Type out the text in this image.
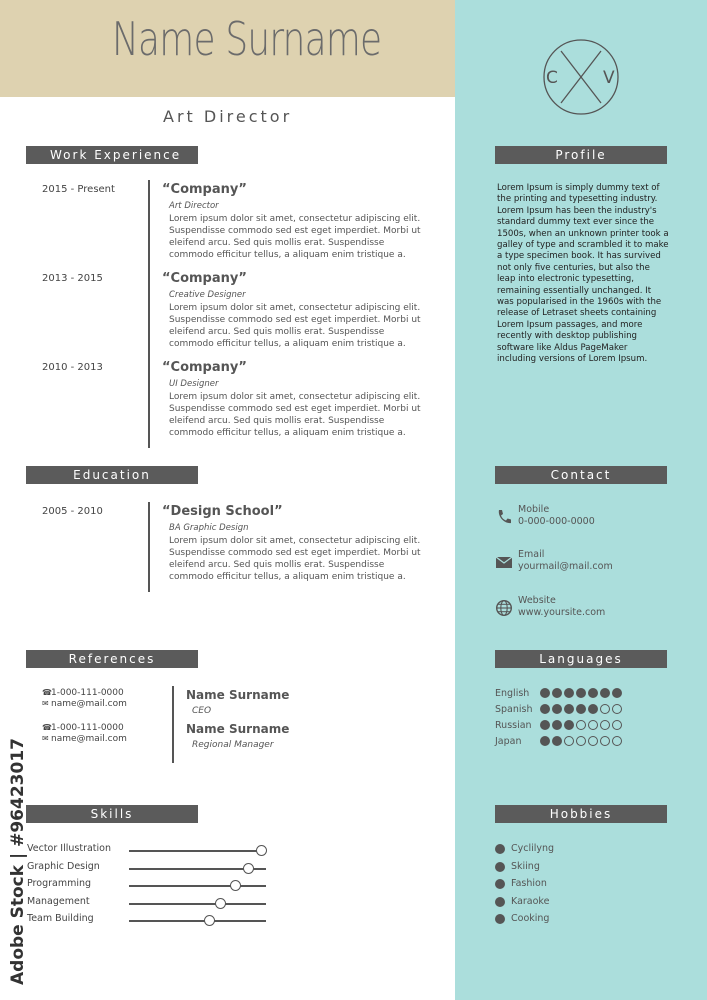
Name Surname
Art Director
C	V
Work Experience	Profile
Education	Contact
References	Languages
Skills	Hobbies
2015 - Present	“Company”
Art Director
Lorem ipsum dolor sit amet, consectetur adipiscing elit. Suspendisse commodo sed est eget imperdiet. Morbi ut eleifend arcu. Sed quis mollis erat. Suspendisse commodo efficitur tellus, a aliquam enim tristique a.
2013 - 2015	“Company”
Creative Designer
Lorem ipsum dolor sit amet, consectetur adipiscing elit. Suspendisse commodo sed est eget imperdiet. Morbi ut eleifend arcu. Sed quis mollis erat. Suspendisse commodo efficitur tellus, a aliquam enim tristique a.
2010 - 2013	“Company”
UI Designer
Lorem ipsum dolor sit amet, consectetur adipiscing elit. Suspendisse commodo sed est eget imperdiet. Morbi ut eleifend arcu. Sed quis mollis erat. Suspendisse commodo efficitur tellus, a aliquam enim tristique a.
2005 - 2010	“Design School”
BA Graphic Design
Lorem ipsum dolor sit amet, consectetur adipiscing elit. Suspendisse commodo sed est eget imperdiet. Morbi ut eleifend arcu. Sed quis mollis erat. Suspendisse commodo efficitur tellus, a aliquam enim tristique a.
Lorem Ipsum is simply dummy text of the printing and typesetting industry. Lorem Ipsum has been the industry's standard dummy text ever since the 1500s, when an unknown printer took a galley of type and scrambled it to make a type specimen book. It has survived not only five centuries, but also the leap into electronic typesetting, remaining essentially unchanged. It was popularised in the 1960s with the release of Letraset sheets containing Lorem Ipsum passages, and more recently with desktop publishing software like Aldus PageMaker including versions of Lorem Ipsum.
Mobile
0-000-000-0000
Email
yourmail@mail.com
Website
www.yoursite.com
☎1-000-111-0000
✉ name@mail.com
☎1-000-111-0000
✉ name@mail.com
Name Surname
CEO
Name Surname
Regional Manager
English
Spanish
Russian
Japan
Vector Illustration
Graphic Design
Programming
Management
Team Building
Cyclilyng
Skiing
Fashion
Karaoke
Cooking
Adobe Stock | #96423017
